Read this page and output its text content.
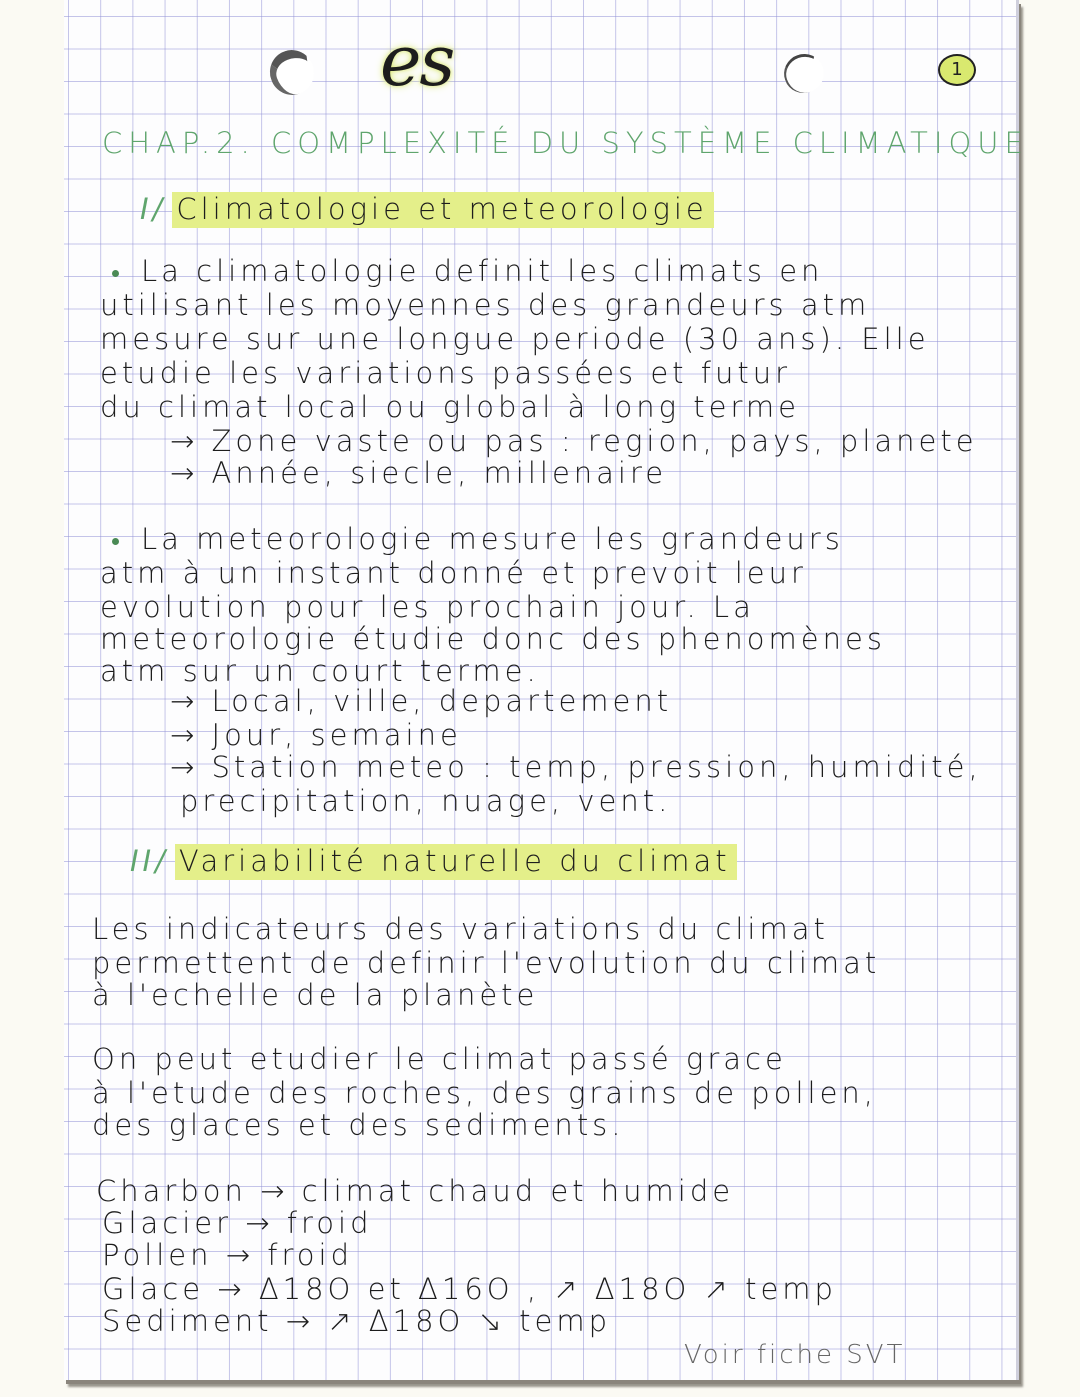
es	1
CHAP.2. COMPLEXITÉ DU SYSTÈME CLIMATIQUE
I/ Climatologie et meteorologie
La climatologie definit les climats en
utilisant les moyennes des grandeurs atm
mesure sur une longue periode (30 ans). Elle
etudie les variations passées et futur
du climat local ou global à long terme
→ Zone vaste ou pas : region, pays, planete
→ Année, siecle, millenaire
La meteorologie mesure les grandeurs
atm à un instant donné et prevoit leur
evolution pour les prochain jour. La
meteorologie étudie donc des phenomènes
atm sur un court terme.
→ Local, ville, departement
→ Jour, semaine
→ Station meteo : temp, pression, humidité,
precipitation, nuage, vent.
II/ Variabilité naturelle du climat
Les indicateurs des variations du climat
permettent de definir l'evolution du climat
à l'echelle de la planète
On peut etudier le climat passé grace
à l'etude des roches, des grains de pollen,
des glaces et des sediments.
Charbon → climat chaud et humide
Glacier → froid
Pollen → froid
Glace → Δ18O et Δ16O , ↗ Δ18O ↗ temp
Sediment → ↗ Δ18O ↘ temp
Voir fiche SVT
